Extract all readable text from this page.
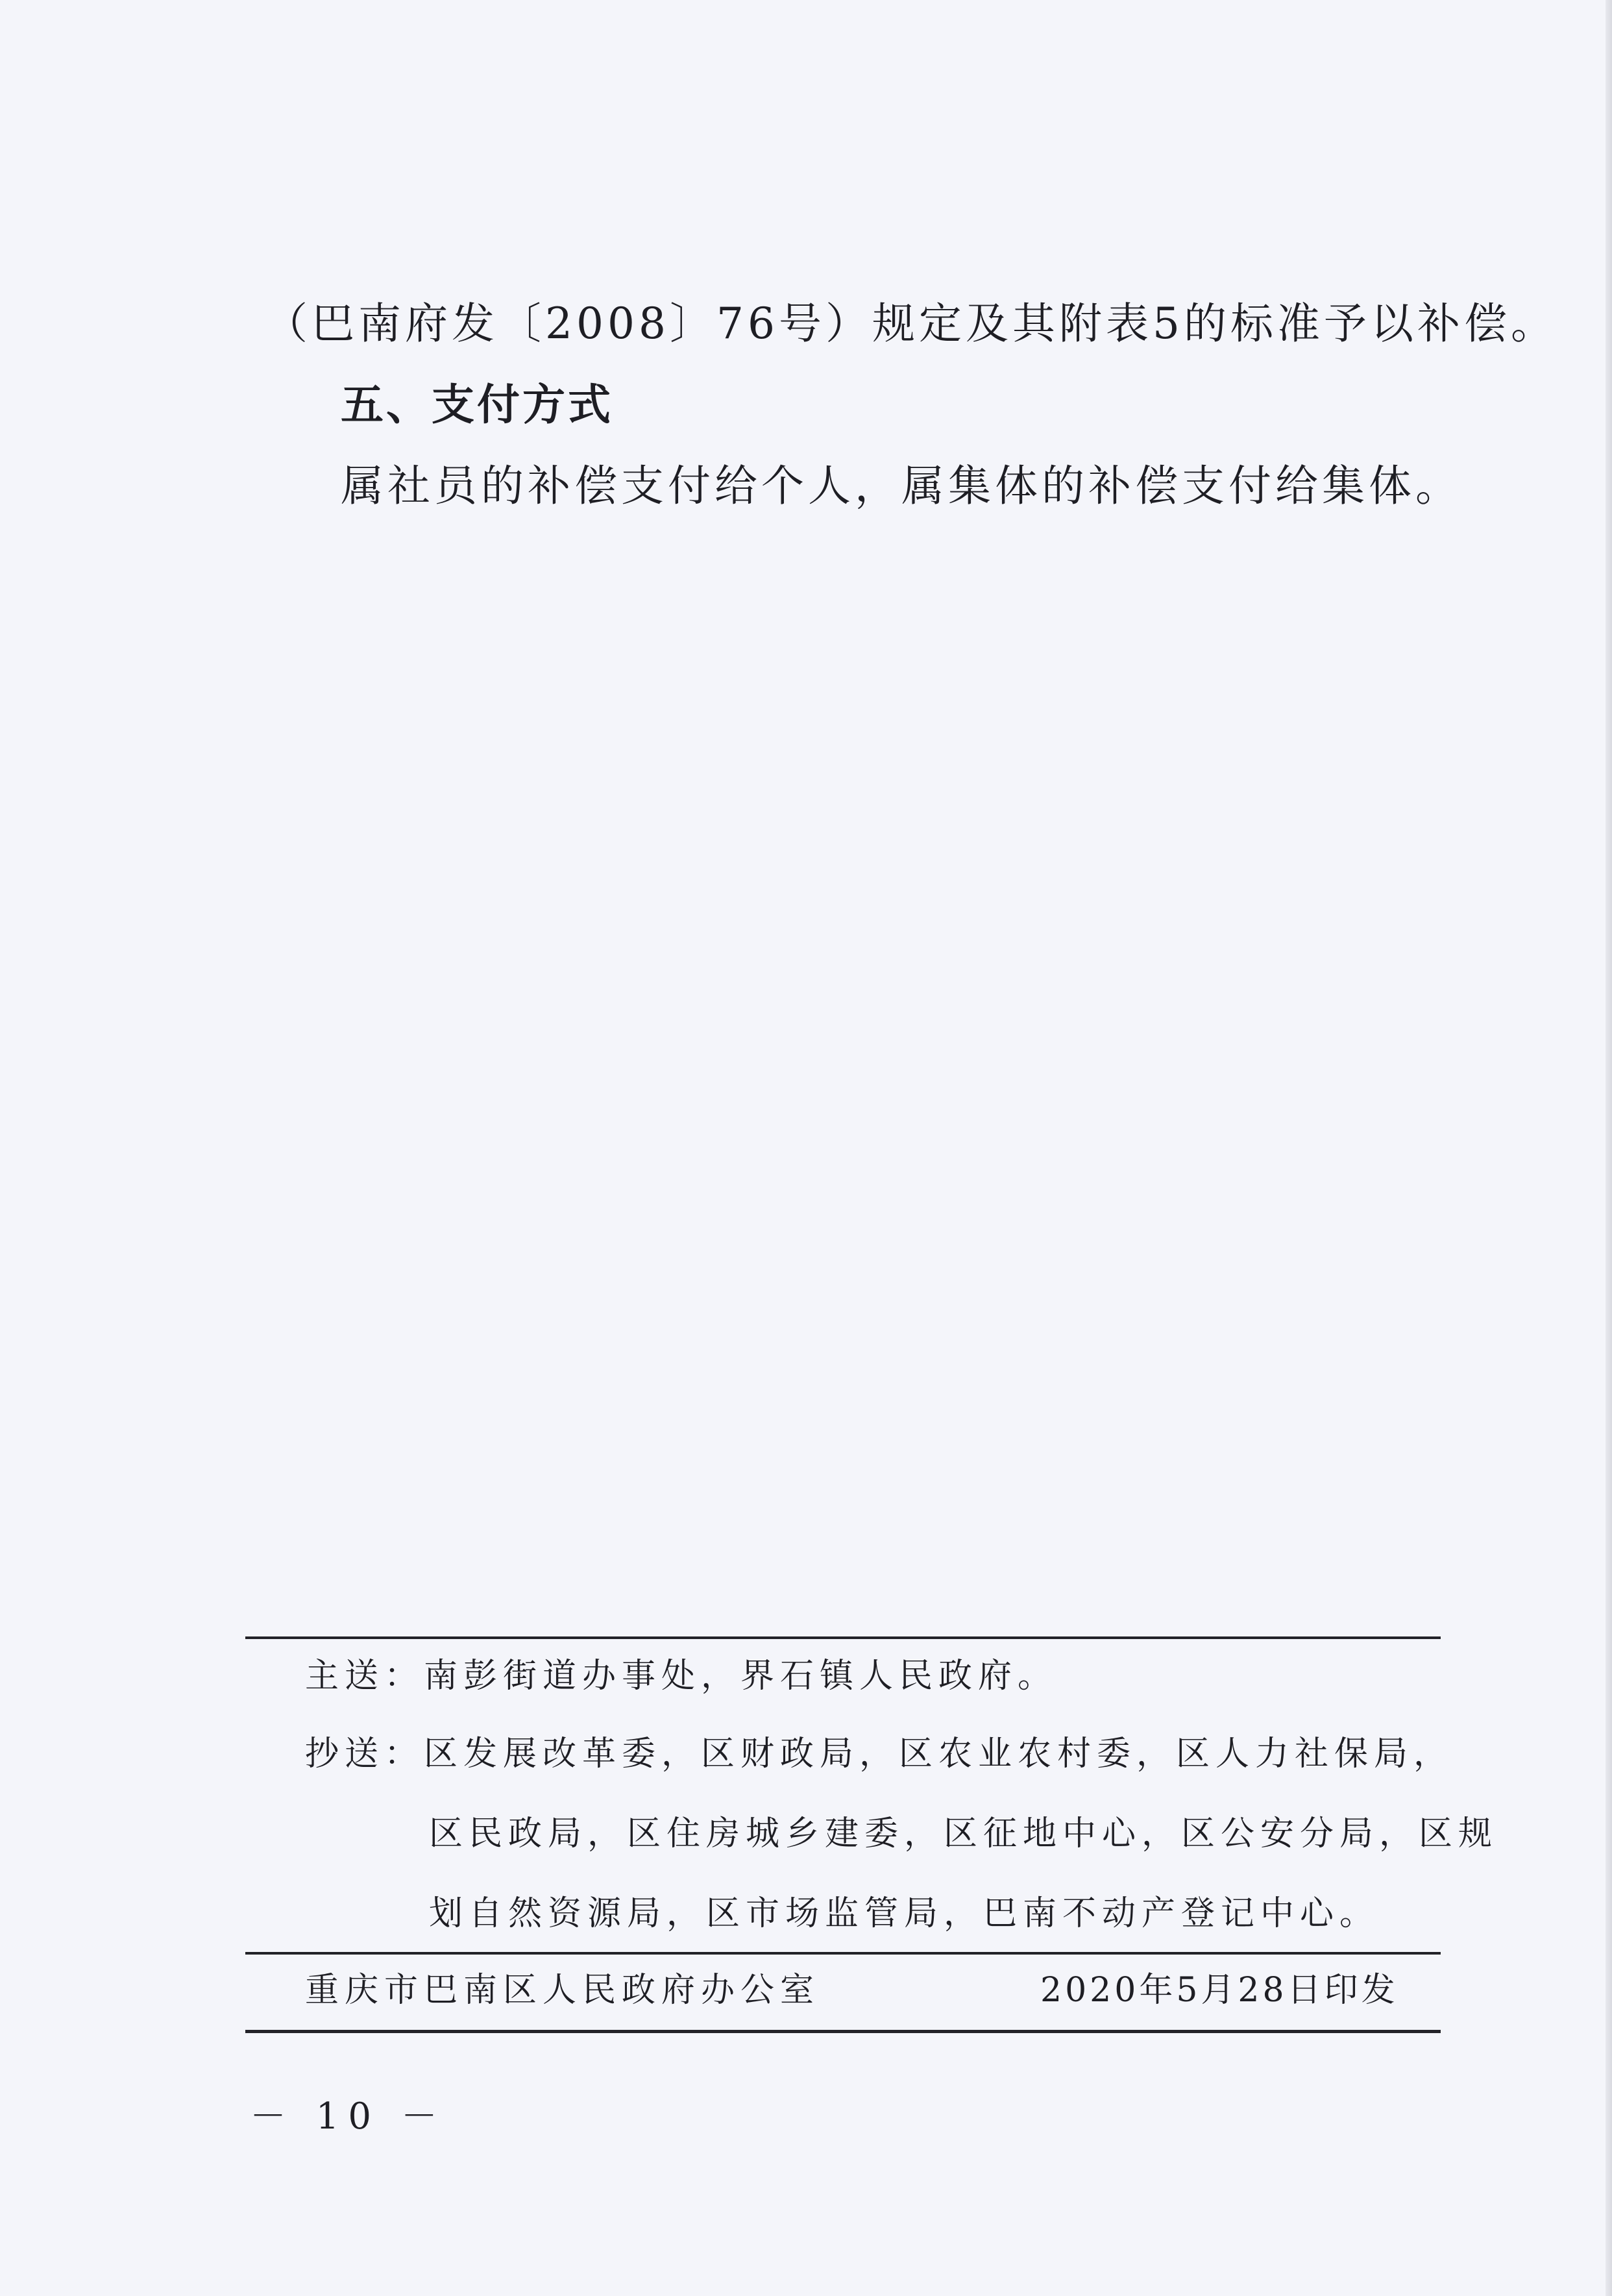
（巴南府发〔2008〕76号）规定及其附表5的标准予以补偿。
五、支付方式
属社员的补偿支付给个人，属集体的补偿支付给集体。
主送：南彭街道办事处，界石镇人民政府。
抄送：区发展改革委，区财政局，区农业农村委，区人力社保局，
区民政局，区住房城乡建委，区征地中心，区公安分局，区规
划自然资源局，区市场监管局，巴南不动产登记中心。
重庆市巴南区人民政府办公室	2020年5月28日印发
－ 10 －
